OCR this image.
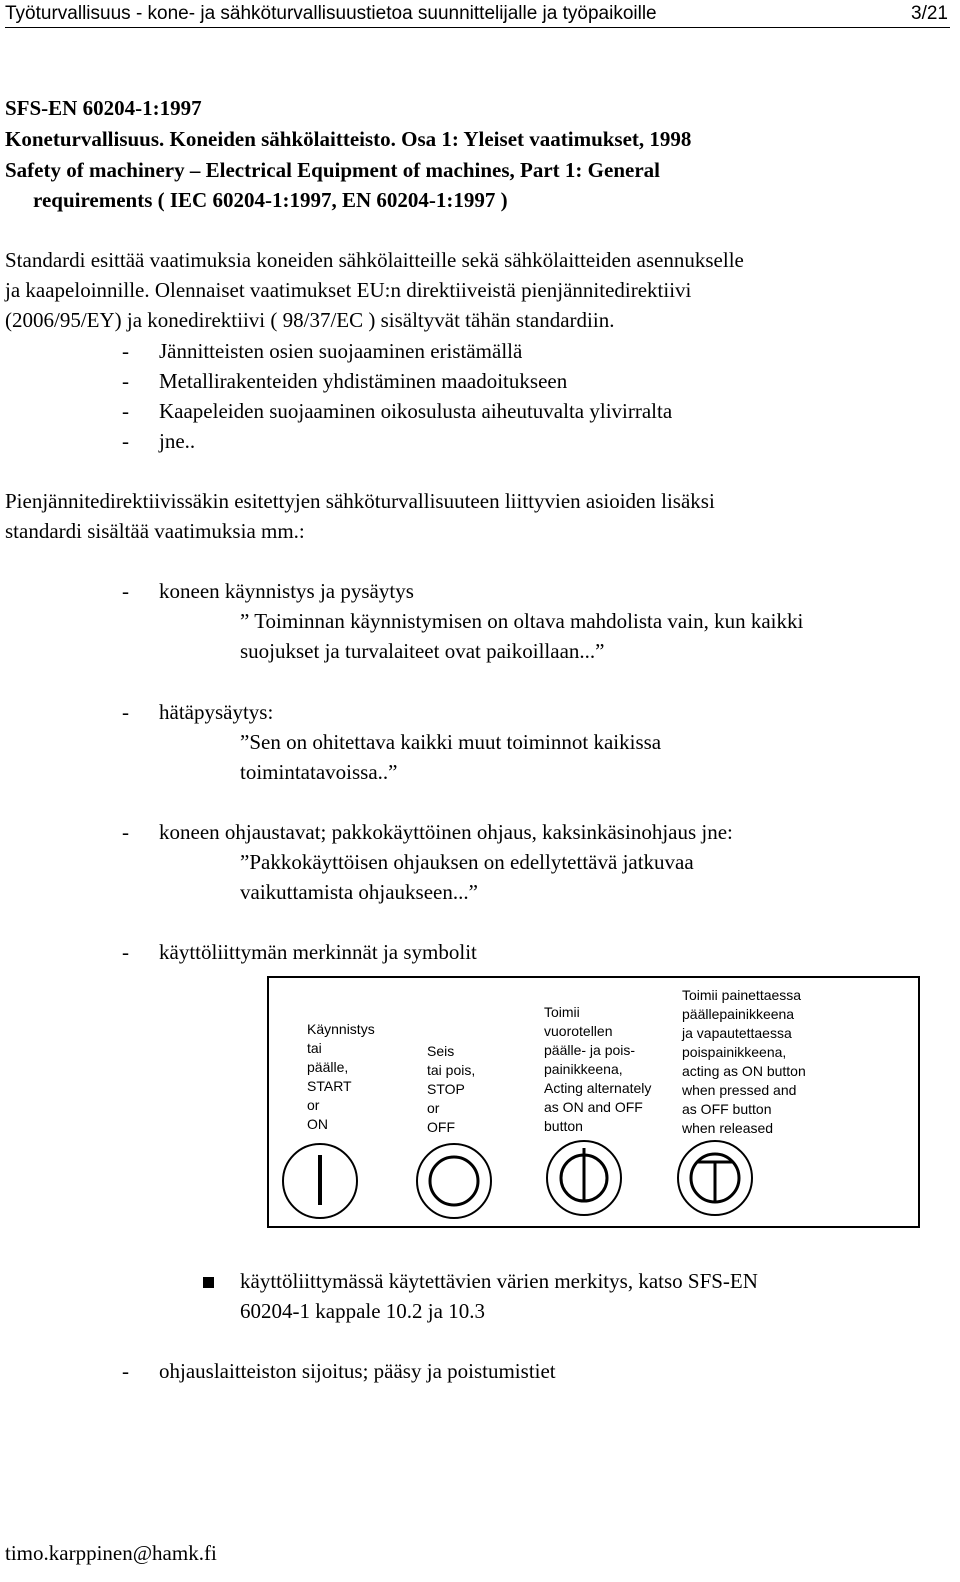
Työturvallisuus - kone- ja sähköturvallisuustietoa suunnittelijalle ja työpaikoille	3/21
SFS-EN 60204-1:1997
Koneturvallisuus. Koneiden sähkölaitteisto. Osa 1: Yleiset vaatimukset, 1998
Safety of machinery – Electrical Equipment of machines, Part 1: General
requirements ( IEC 60204-1:1997, EN 60204-1:1997 )
Standardi esittää vaatimuksia koneiden sähkölaitteille sekä sähkölaitteiden asennukselle
ja kaapeloinnille. Olennaiset vaatimukset EU:n direktiiveistä pienjännitedirektiivi
(2006/95/EY) ja konedirektiivi ( 98/37/EC ) sisältyvät tähän standardiin.
- Jännitteisten osien suojaaminen eristämällä
- Metallirakenteiden yhdistäminen maadoitukseen
- Kaapeleiden suojaaminen oikosulusta aiheutuvalta ylivirralta
- jne..
Pienjännitedirektiivissäkin esitettyjen sähköturvallisuuteen liittyvien asioiden lisäksi
standardi sisältää vaatimuksia mm.:
- koneen käynnistys ja pysäytys
” Toiminnan käynnistymisen on oltava mahdolista vain, kun kaikki
suojukset ja turvalaiteet ovat paikoillaan...”
- hätäpysäytys:
”Sen on ohitettava kaikki muut toiminnot kaikissa
toimintatavoissa..”
- koneen ohjaustavat; pakkokäyttöinen ohjaus, kaksinkäsinohjaus jne:
”Pakkokäyttöisen ohjauksen on edellytettävä jatkuvaa
vaikuttamista ohjaukseen...”
- käyttöliittymän merkinnät ja symbolit
Käynnistys
tai
päälle,
START
or
ON
Seis
tai pois,
STOP
or
OFF
Toimii
vuorotellen
päälle- ja pois-
painikkeena,
Acting alternately
as ON and OFF
button
Toimii painettaessa
päällepainikkeena
ja vapautettaessa
poispainikkeena,
acting as ON button
when pressed and
as OFF button
when released
käyttöliittymässä käytettävien värien merkitys, katso SFS-EN
60204-1 kappale 10.2 ja 10.3
- ohjauslaitteiston sijoitus; pääsy ja poistumistiet
timo.karppinen@hamk.fi
